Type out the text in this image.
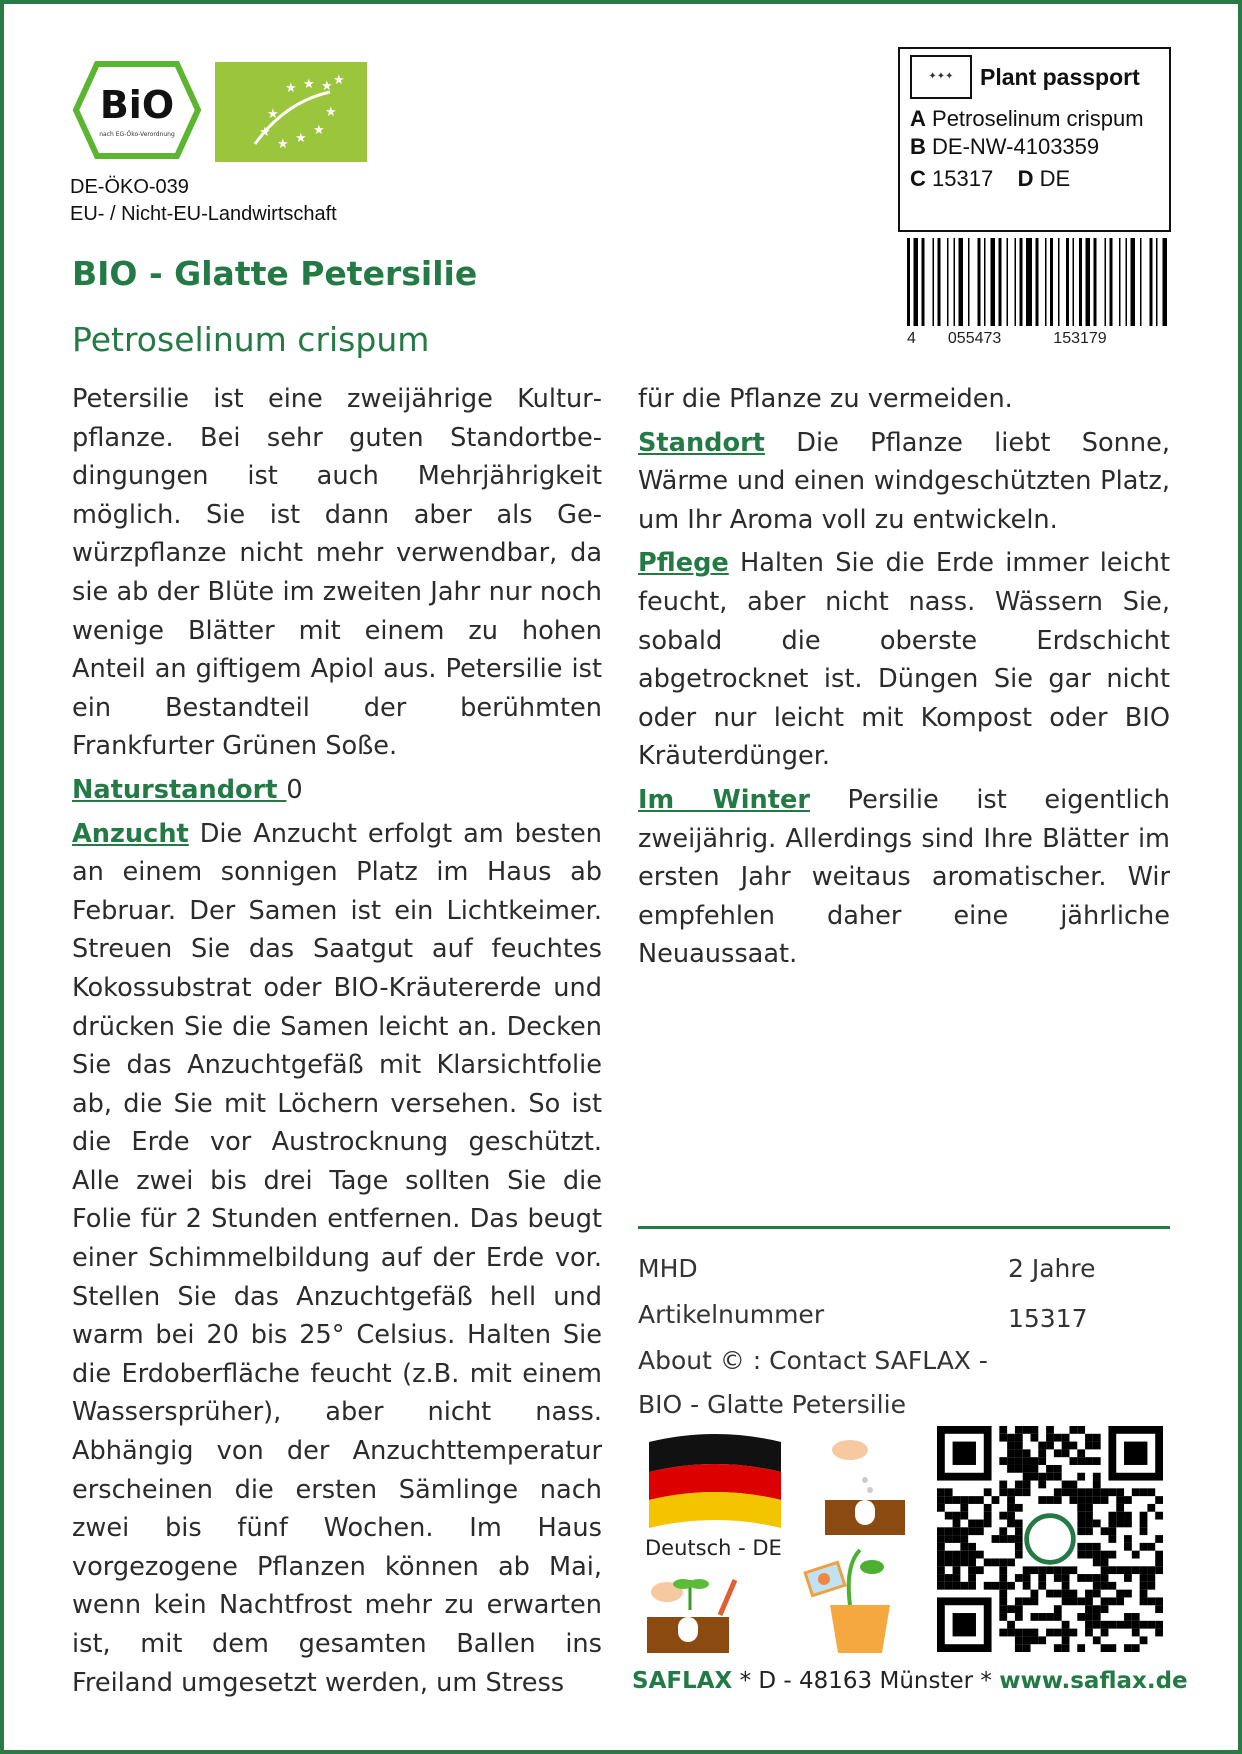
BiO
nach EG-Öko-Verordnung
★ ★ ★ ★
★
★
★ ★
★
★
DE-ÖKO-039
EU- / Nicht-EU-Landwirtschaft
BIO - Glatte Petersilie
Petroselinum crispum
✦✦✦	Plant passport
A Petroselinum crispum
B DE-NW-4103359
C 15317 D DE
4 055473	153179

Petersilie ist eine zweijährige Kulturpflanze. Bei sehr guten Standortbedingungen ist auch Mehrjährigkeit möglich. Sie ist dann aber als Gewürzpflanze nicht mehr verwendbar, da sie ab der Blüte im zweiten Jahr nur noch wenige Blätter mit einem zu hohen Anteil an giftigem Apiol aus. Petersilie ist ein Bestandteil der berühmten Frankfurter Grünen Soße.

Naturstandort 0

Anzucht Die Anzucht erfolgt am besten an einem sonnigen Platz im Haus ab Februar. Der Samen ist ein Lichtkeimer. Streuen Sie das Saatgut auf feuchtes Kokossubstrat oder BIO-Kräutererde und drücken Sie die Samen leicht an. Decken Sie das Anzuchtgefäß mit Klarsichtfolie ab, die Sie mit Löchern versehen. So ist die Erde vor Austrocknung geschützt. Alle zwei bis drei Tage sollten Sie die Folie für 2 Stunden entfernen. Das beugt einer Schimmelbildung auf der Erde vor. Stellen Sie das Anzuchtgefäß hell und warm bei 20 bis 25° Celsius. Halten Sie die Erdoberfläche feucht (z.B. mit einem Wassersprüher), aber nicht nass. Abhängig von der Anzuchttemperatur erscheinen die ersten Sämlinge nach zwei bis fünf Wochen. Im Haus vorgezogene Pflanzen können ab Mai, wenn kein Nachtfrost mehr zu erwarten ist, mit dem gesamten Ballen ins Freiland umgesetzt werden, um Stress

für die Pflanze zu vermeiden.

Standort Die Pflanze liebt Sonne, Wärme und einen windgeschützten Platz, um Ihr Aroma voll zu entwickeln.

Pflege Halten Sie die Erde immer leicht feucht, aber nicht nass. Wässern Sie, sobald die oberste Erdschicht abgetrocknet ist. Düngen Sie gar nicht oder nur leicht mit Kompost oder BIO Kräuterdünger.

Im Winter Persilie ist eigentlich zweijährig. Allerdings sind Ihre Blätter im ersten Jahr weitaus aromatischer. Wir empfehlen daher eine jährliche Neuaussaat.

MHD	2 Jahre
Artikelnummer	15317
About © : Contact SAFLAX -
BIO - Glatte Petersilie
Deutsch - DE
SAFLAX * D - 48163 Münster * www.saflax.de
